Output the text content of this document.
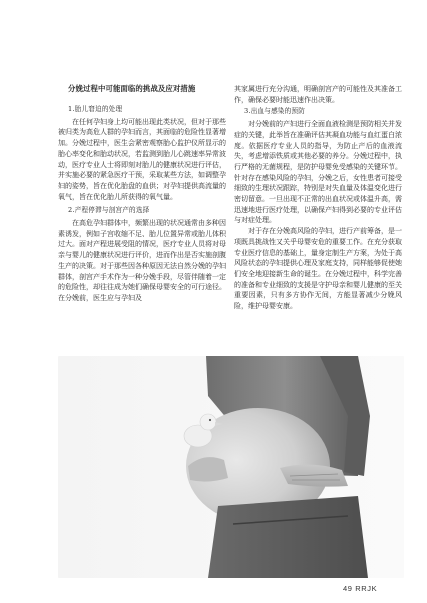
分娩过程中可能面临的挑战及应对措施
1.胎儿窘迫的处理

在任何孕妇身上均可能出现此类状况，但对于那些被归类为高危人群的孕妇而言，其面临的危险性显著增加。分娩过程中，医生会紧密观察胎心监护仪所显示的胎心率变化和胎动状况，若监测到胎儿心跳速率异常波动，医疗专业人士将即刻对胎儿的健康状况进行评估，并实施必要的紧急医疗干预，采取某些方法，如调整孕妇的姿势，旨在优化胎盘的血供；对孕妇提供高流量的氧气，旨在优化胎儿所获得的氧气量。

2.产程停滞与剖宫产的选择

在高危孕妇群体中，频繁出现的状况通常由多种因素诱发，例如子宫收缩不足、胎儿位置异常或胎儿体积过大。面对产程进展受阻的情况，医疗专业人员将对母亲与婴儿的健康状况进行评价，进而作出是否实施剖腹生产的决策。对于那些因各种原因无法自然分娩的孕妇群体，剖宫产手术作为一种分娩手段，尽管伴随着一定的危险性，却往往成为她们确保母婴安全的可行途径。在分娩前，医生应与孕妇及

其家属进行充分沟通，明确剖宫产的可能性及其准备工作，确保必要时能迅速作出决策。

3.出血与感染的预防

对分娩前的产妇进行全面血液检测是预防相关并发症的关键，此举旨在准确评估其凝血功能与血红蛋白浓度。依据医疗专业人员的指导，为防止产后的血液流失，考虑增添铁质或其他必要的养分。分娩过程中，执行严格的无菌规程，是防护母婴免受感染的关键环节。针对存在感染风险的孕妇，分娩之后，女性患者可接受细致的生理状况跟踪，特别是对失血量及体温变化进行密切留意。一旦出现不正常的出血状况或体温升高，需迅速地进行医疗处理，以确保产妇得到必要的专业评估与对症处理。

对于存在分娩高风险的孕妇，进行产前筹备，是一项既具挑战性又关乎母婴安危的重要工作。在充分获取专业医疗信息的基础上，量身定制生产方案，为处于高风险状态的孕妇提供心理及家庭支持，同样能够促使她们安全地迎接新生命的诞生。在分娩过程中，科学完善的准备和专业细致的支援是守护母亲和婴儿健康的至关重要因素，只有多方协作无间，方能显著减少分娩风险，维护母婴安康。

49 RRJK
